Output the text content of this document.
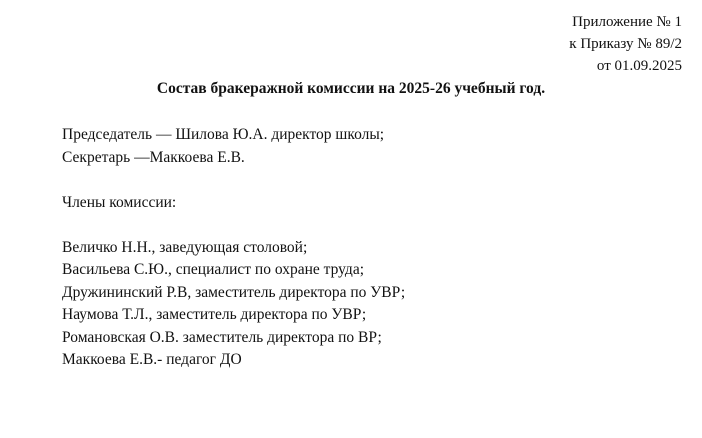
Приложение № 1
к Приказу № 89/2
от 01.09.2025
Состав бракеражной комиссии на 2025-26 учебный год.
Председатель — Шилова Ю.А. директор школы;
Секретарь —Маккоева Е.В.
Члены комиссии:
Величко Н.Н., заведующая столовой;
Васильева С.Ю., специалист по охране труда;
Дружининский Р.В, заместитель директора по УВР;
Наумова Т.Л., заместитель директора по УВР;
Романовская О.В. заместитель директора по ВР;
Маккоева Е.В.- педагог ДО
